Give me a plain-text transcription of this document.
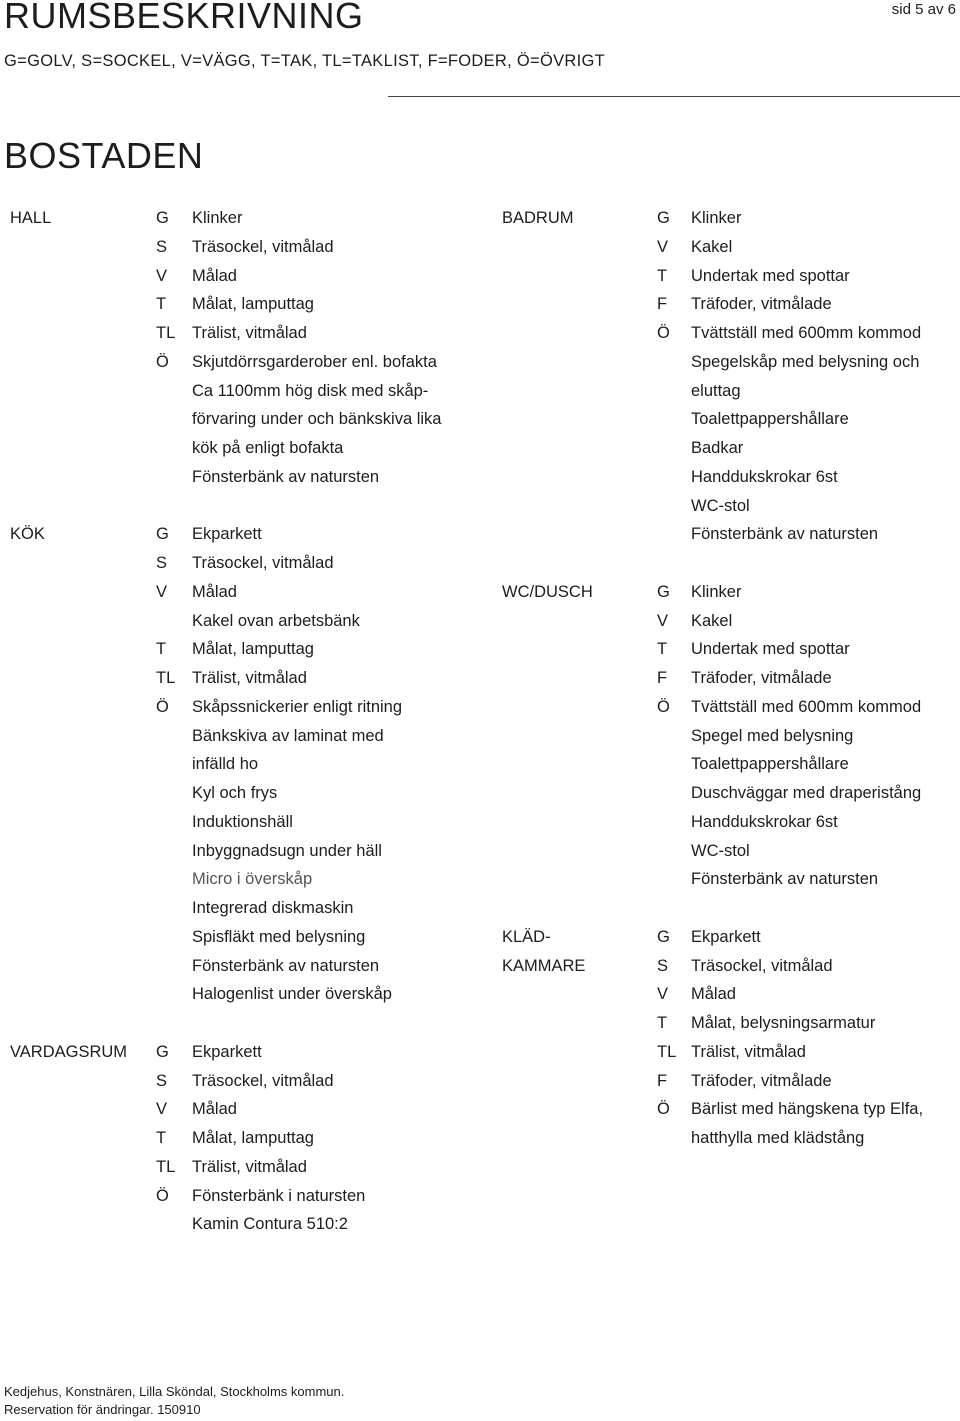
RUMSBESKRIVNING	sid 5 av 6
G=GOLV, S=SOCKEL, V=VÄGG, T=TAK, TL=TAKLIST, F=FODER, Ö=ÖVRIGT
BOSTADEN
HALL	G Klinker
S Träsockel, vitmålad
V Målad
T Målat, lamputtag
TL Trälist, vitmålad
Ö Skjutdörrsgarderober enl. bofakta
Ca 1100mm hög disk med skåp-
förvaring under och bänkskiva lika
kök på enligt bofakta
Fönsterbänk av natursten
KÖK	G Ekparkett
S Träsockel, vitmålad
V Målad
Kakel ovan arbetsbänk
T Målat, lamputtag
TL Trälist, vitmålad
Ö Skåpssnickerier enligt ritning
Bänkskiva av laminat med
infälld ho
Kyl och frys
Induktionshäll
Inbyggnadsugn under häll
Micro i överskåp
Integrerad diskmaskin
Spisfläkt med belysning
Fönsterbänk av natursten
Halogenlist under överskåp
VARDAGSRUM G Ekparkett
S Träsockel, vitmålad
V Målad
T Målat, lamputtag
TL Trälist, vitmålad
Ö Fönsterbänk i natursten
Kamin Contura 510:2
BADRUM	G Klinker
V Kakel
T Undertak med spottar
F Träfoder, vitmålade
Ö Tvättställ med 600mm kommod
Spegelskåp med belysning och
eluttag
Toalettpappershållare
Badkar
Handdukskrokar 6st
WC-stol
Fönsterbänk av natursten
WC/DUSCH	G Klinker
V Kakel
T Undertak med spottar
F Träfoder, vitmålade
Ö Tvättställ med 600mm kommod
Spegel med belysning
Toalettpappershållare
Duschväggar med draperistång
Handdukskrokar 6st
WC-stol
Fönsterbänk av natursten
KLÄD-	G Ekparkett
KAMMARE	S Träsockel, vitmålad
V Målad
T Målat, belysningsarmatur
TL Trälist, vitmålad
F Träfoder, vitmålade
Ö Bärlist med hängskena typ Elfa,
hatthylla med klädstång
Kedjehus, Konstnären, Lilla Sköndal, Stockholms kommun.
Reservation för ändringar. 150910
